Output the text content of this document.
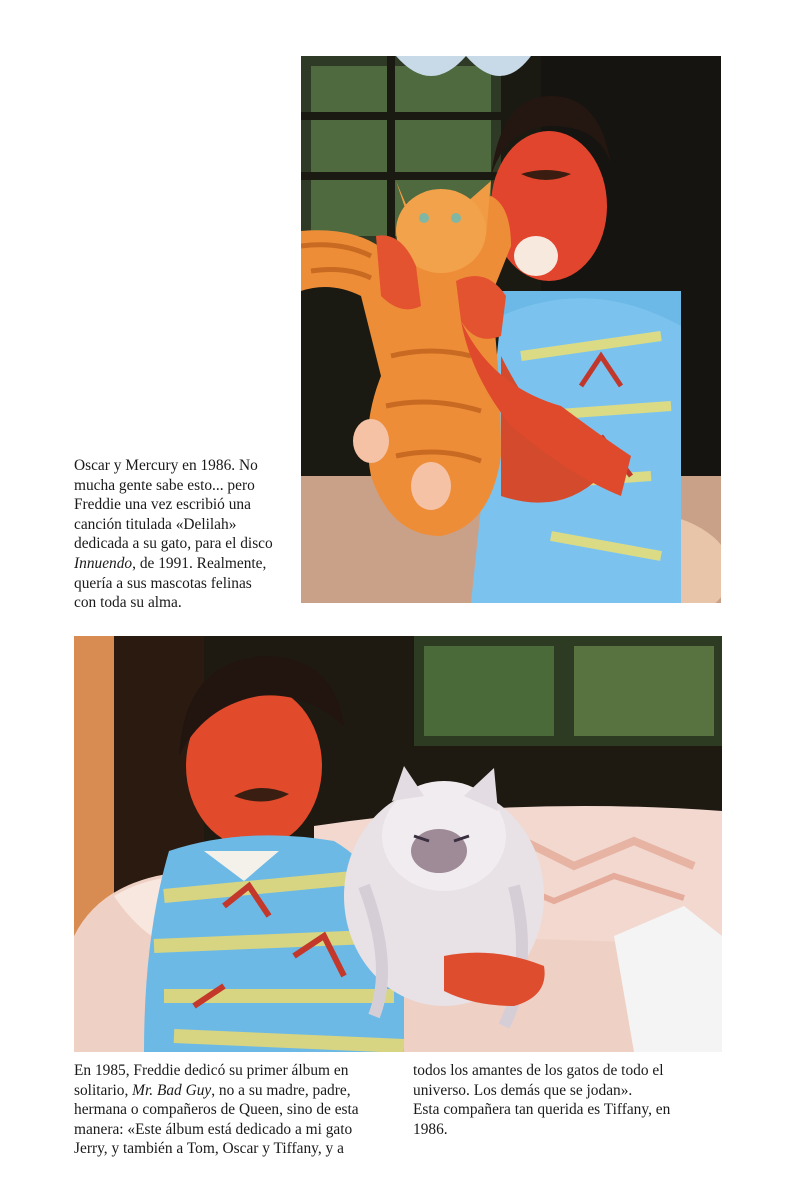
Oscar y Mercury en 1986. No
mucha gente sabe esto... pero
Freddie una vez escribió una
canción titulada «Delilah»
dedicada a su gato, para el disco
Innuendo, de 1991. Realmente,
quería a sus mascotas felinas
con toda su alma.
En 1985, Freddie dedicó su primer álbum en
solitario, Mr. Bad Guy, no a su madre, padre,
hermana o compañeros de Queen, sino de esta
manera: «Este álbum está dedicado a mi gato
Jerry, y también a Tom, Oscar y Tiffany, y a
todos los amantes de los gatos de todo el
universo. Los demás que se jodan».
Esta compañera tan querida es Tiffany, en
1986.
